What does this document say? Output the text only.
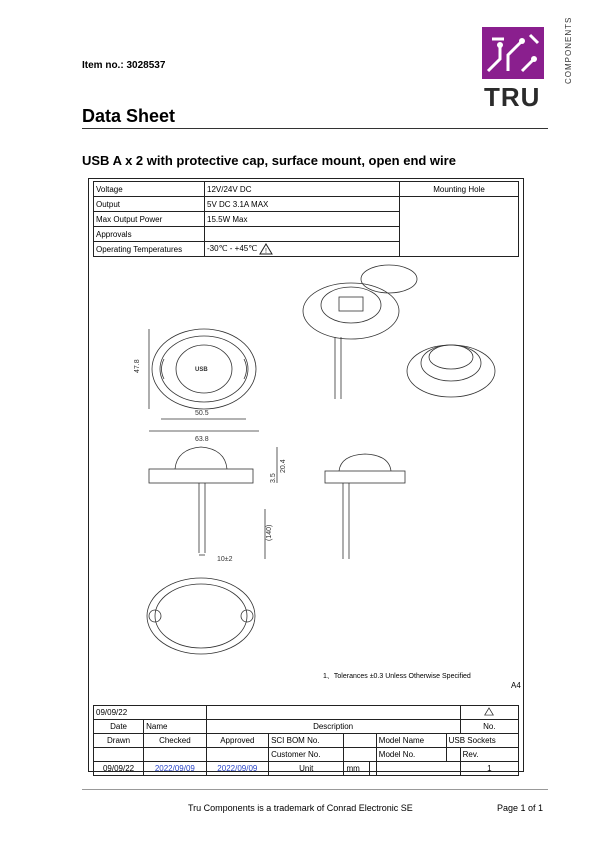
Item no.: 3028537
TRU
COMPONENTS
Data Sheet
USB A x 2 with protective cap, surface mount, open end wire
Voltage	12V/24V DC	Mounting Hole
Output	5V DC 3.1A MAX	
Max Output Power	15.5W Max	
Approvals		
Operating Temperatures	-30℃ - +45℃ !	
47.8
50.5
63.8
USB
20.4
3.5
(140)
10±2
1、Tolerances ±0.3 Unless Otherwise Specified
A4
09/09/22		
Date	Name	Description						No.
Drawn	Checked	Approved	SCI BOM No.			Model Name	USB Sockets	
			Customer No.			Model No.		Rev.
09/09/22	2022/09/09	2022/09/09	Unit	mm				1
Tru Components is a trademark of Conrad Electronic SE	Page 1 of 1
